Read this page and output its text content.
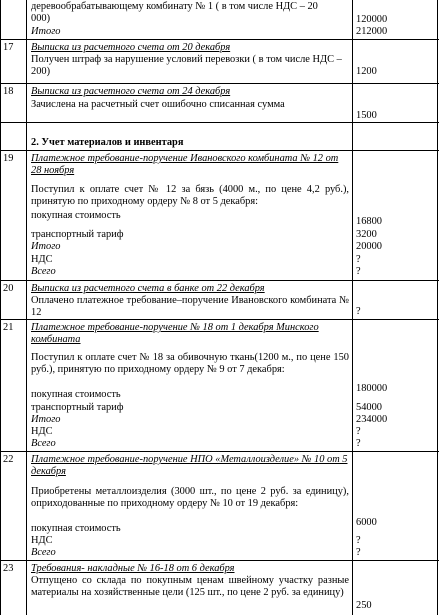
деревообрабатывающему комбинату № 1 ( в том числе НДС – 20
000)
Итого
120000
212000
17 Выписка из расчетного счета от 20 декабря
Получен штраф за нарушение условий перевозки ( в том числе НДС – 200)	1200
18 Выписка из расчетного счета от 24 декабря
Зачислена на расчетный счет ошибочно списанная сумма
1500
2. Учет материалов и инвентаря
19 Платежное требование-поручение Ивановского комбината № 12 от 28 ноября
Поступил к оплате счет № 12 за бязь (4000 м., по цене 4,2 руб.), принятую по приходному ордеру № 8 от 5 декабря:
покупная стоимость
транспортный тариф
Итого
НДС
Всего
16800
3200
20000
?
?
20 Выписка из расчетного счета в банке от 22 декабря
Оплачено платежное требование–поручение Ивановского комбината № 12	?
21 Платежное требование-поручение № 18 от 1 декабря Минского комбината
Поступил к оплате счет № 18 за обивочную ткань(1200 м., по цене 150 руб.), принятую по приходному ордеру № 9 от 7 декабря:
покупная стоимость
транспортный тариф
Итого
НДС
Всего
180000
54000
234000
?
?
22 Платежное требование-поручение НПО «Металлоизделие» № 10 от 5 декабря
Приобретены металлоизделия (3000 шт., по цене 2 руб. за единицу), оприходованные по приходному ордеру № 10 от 19 декабря:
покупная стоимость
НДС
Всего
6000
?
?
23 Требования- накладные № 16-18 от 6 декабря
Отпущено со склада по покупным ценам швейному участку разные материалы на хозяйственные цели (125 шт., по цене 2 руб. за единицу)
250
